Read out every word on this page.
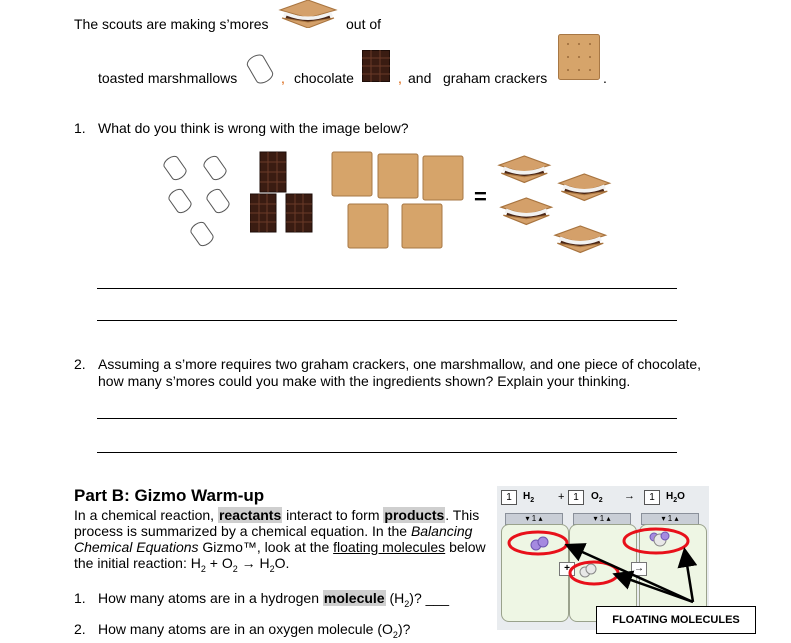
The scouts are making s’mores	out of
toasted marshmallows	, chocolate	, and graham crackers	.
1. What do you think is wrong with the image below?
=
2. Assuming a s’more requires two graham crackers, one marshmallow, and one piece of chocolate,
how many s’mores could you make with the ingredients shown? Explain your thinking.
Part B: Gizmo Warm-up
In a chemical reaction, reactants interact to form products. This
process is summarized by a chemical equation. In the Balancing
Chemical Equations Gizmo™, look at the floating molecules below
the initial reaction: $H_2 + O_2 \to H_2O$.
1. How many atoms are in a hydrogen molecule $(H_2)$? ___
2. How many atoms are in an oxygen molecule $(O_2)$?
1	$H_2 + 1$	$O_2$ →	1	$H_2O$
▾ 1 ▴	▾ 1 ▴	▾ 1 ▴
+	→
FLOATING MOLECULES
